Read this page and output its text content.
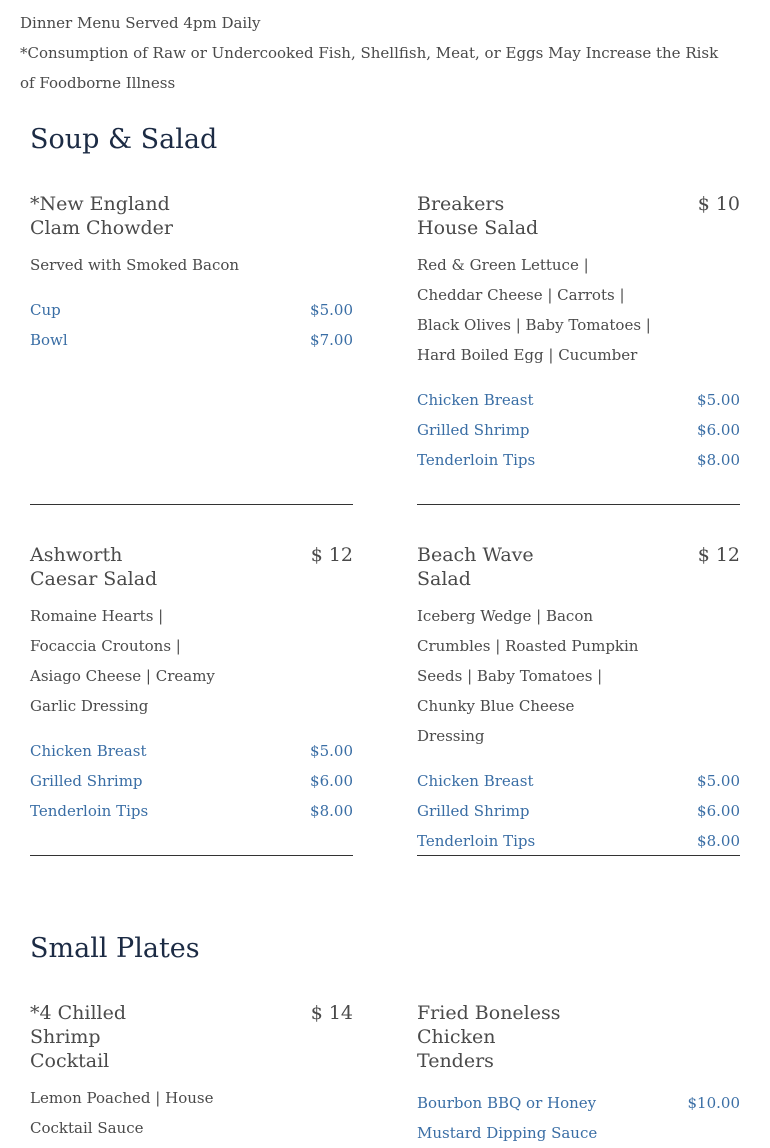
Dinner Menu Served 4pm Daily
*Consumption of Raw or Undercooked Fish, Shellfish, Meat, or Eggs May Increase the Risk of Foodborne Illness
Soup & Salad
*New England Clam Chowder
Served with Smoked Bacon
Cup	$5.00
Bowl	$7.00
Breakers House Salad
$ 10
Red & Green Lettuce | Cheddar Cheese | Carrots | Black Olives | Baby Tomatoes | Hard Boiled Egg | Cucumber
Chicken Breast	$5.00
Grilled Shrimp	$6.00
Tenderloin Tips	$8.00
Ashworth Caesar Salad
$ 12
Romaine Hearts | Focaccia Croutons | Asiago Cheese | Creamy Garlic Dressing
Chicken Breast	$5.00
Grilled Shrimp	$6.00
Tenderloin Tips	$8.00
Beach Wave Salad
$ 12
Iceberg Wedge | Bacon Crumbles | Roasted Pumpkin Seeds | Baby Tomatoes | Chunky Blue Cheese Dressing
Chicken Breast	$5.00
Grilled Shrimp	$6.00
Tenderloin Tips	$8.00
Small Plates
*4 Chilled Shrimp Cocktail
$ 14
Lemon Poached | House Cocktail Sauce
Fried Boneless Chicken Tenders
Bourbon BBQ or Honey Mustard Dipping Sauce
$10.00
